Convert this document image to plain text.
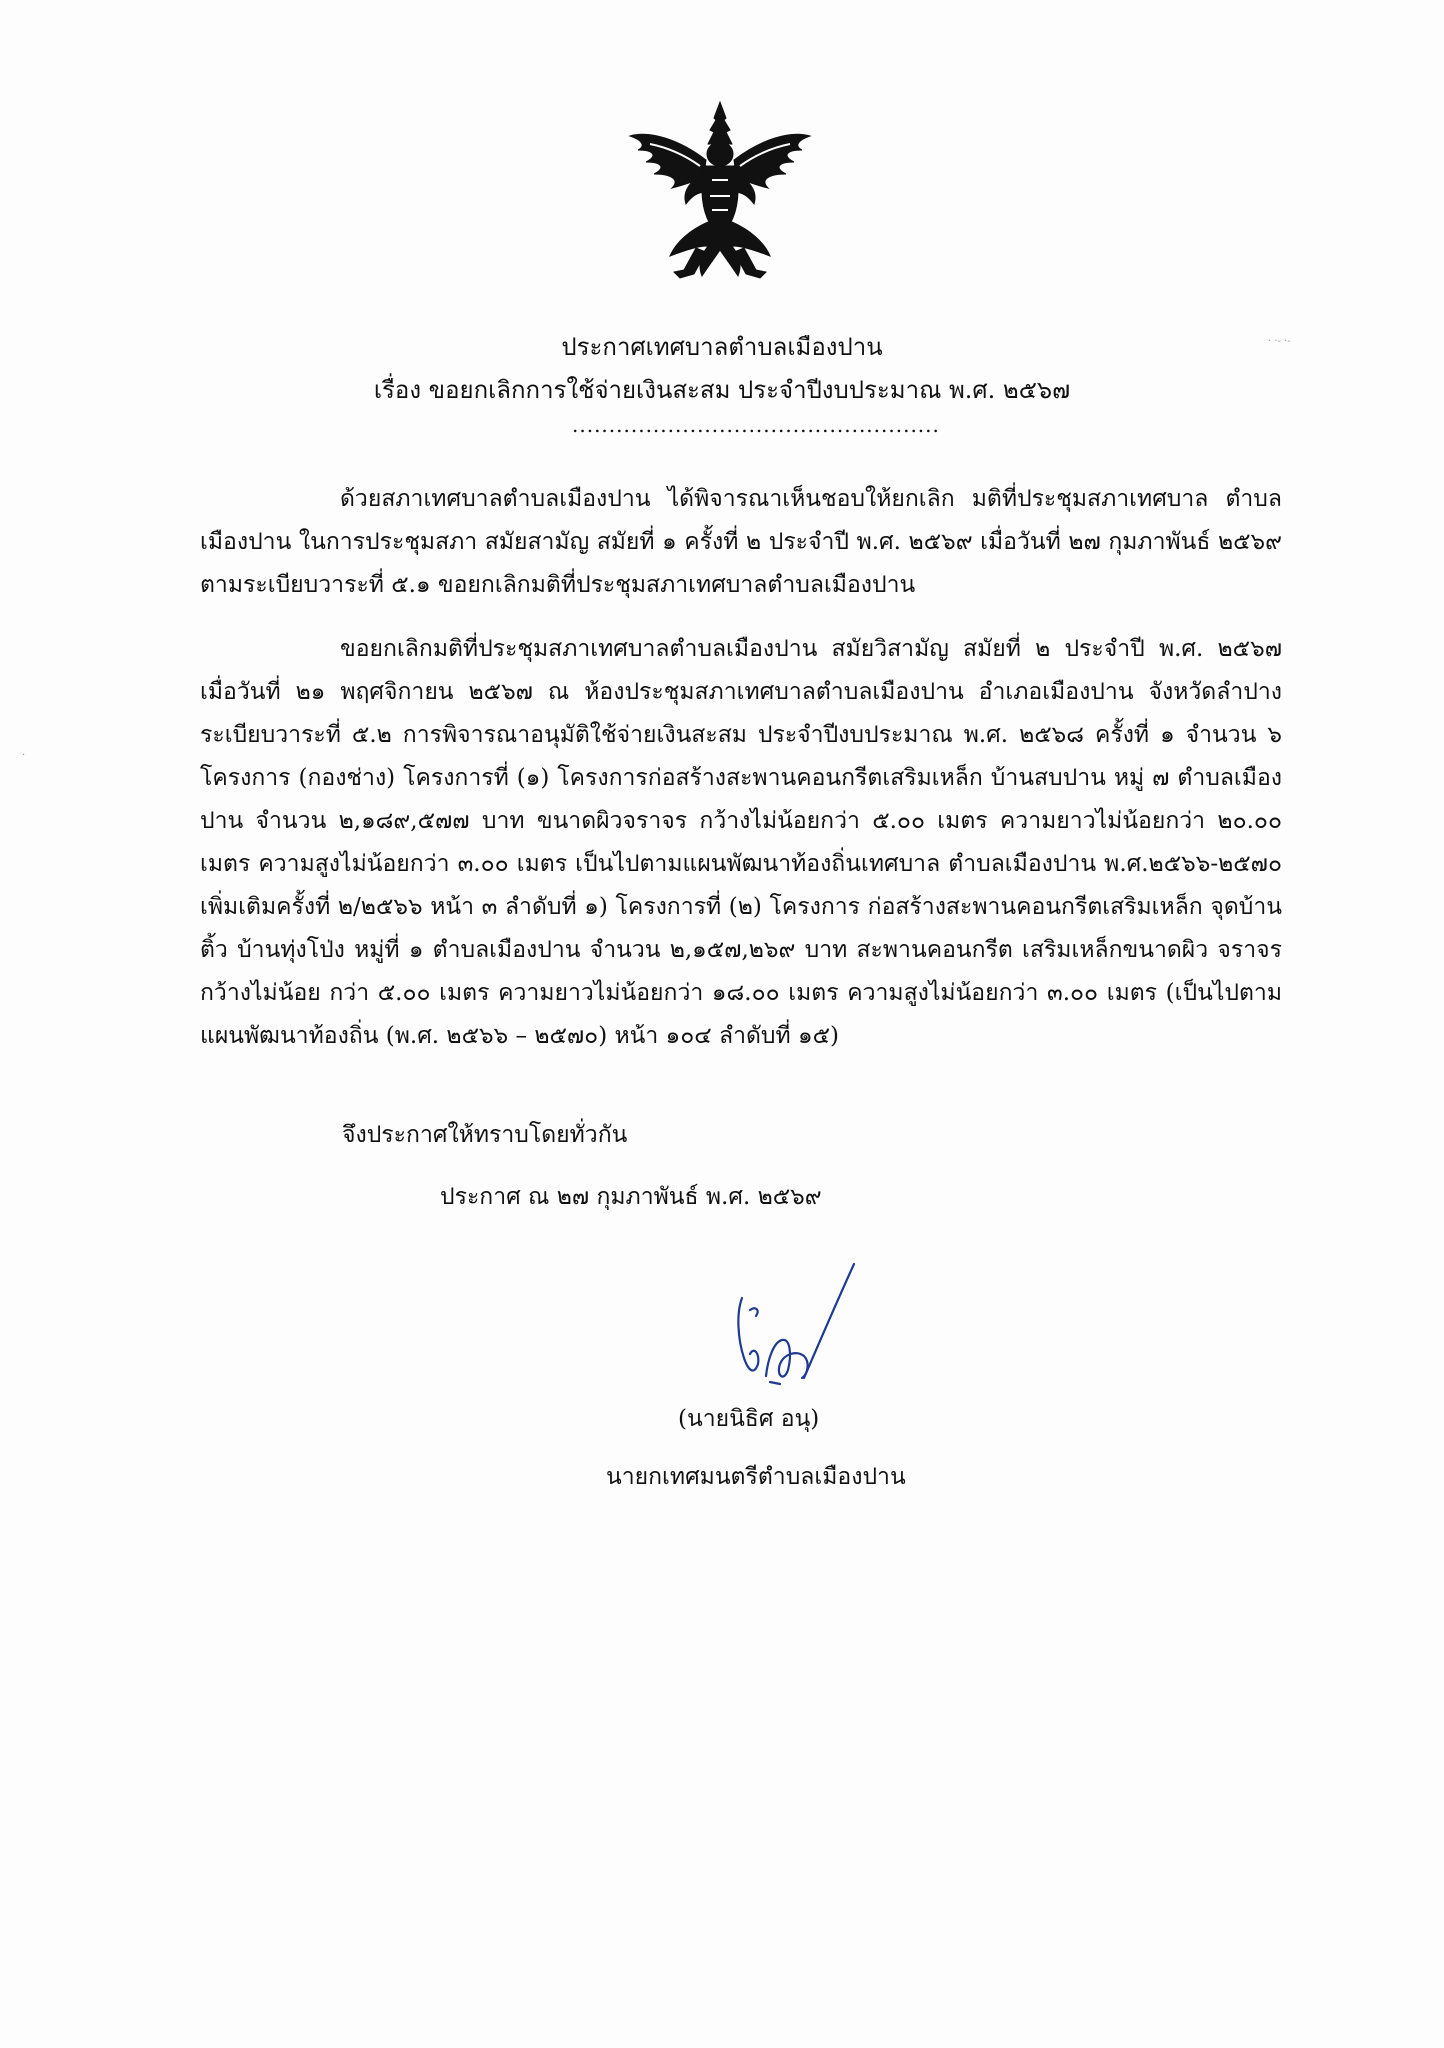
ประกาศเทศบาลตำบลเมืองปาน
เรื่อง ขอยกเลิกการใช้จ่ายเงินสะสม ประจำปีงบประมาณ พ.ศ. ๒๕๖๗
..................................................

ด้วยสภาเทศบาลตำบลเมืองปาน ได้พิจารณาเห็นชอบให้ยกเลิก มติที่ประชุมสภาเทศบาล ตำบลเมืองปาน ในการประชุมสภา สมัยสามัญ สมัยที่ ๑ ครั้งที่ ๒ ประจำปี พ.ศ. ๒๕๖๙ เมื่อวันที่ ๒๗ กุมภาพันธ์ ๒๕๖๙ ตามระเบียบวาระที่ ๕.๑ ขอยกเลิกมติที่ประชุมสภาเทศบาลตำบลเมืองปาน

ขอยกเลิกมติที่ประชุมสภาเทศบาลตำบลเมืองปาน สมัยวิสามัญ สมัยที่ ๒ ประจำปี พ.ศ. ๒๕๖๗ เมื่อวันที่ ๒๑ พฤศจิกายน ๒๕๖๗ ณ ห้องประชุมสภาเทศบาลตำบลเมืองปาน อำเภอเมืองปาน จังหวัดลำปาง ระเบียบวาระที่ ๕.๒ การพิจารณาอนุมัติใช้จ่ายเงินสะสม ประจำปีงบประมาณ พ.ศ. ๒๕๖๘ ครั้งที่ ๑ จำนวน ๖ โครงการ (กองช่าง) โครงการที่ (๑) โครงการก่อสร้างสะพานคอนกรีตเสริมเหล็ก บ้านสบปาน หมู่ ๗ ตำบลเมืองปาน จำนวน ๒,๑๘๙,๕๗๗ บาท ขนาดผิวจราจร กว้างไม่น้อยกว่า ๕.๐๐ เมตร ความยาวไม่น้อยกว่า ๒๐.๐๐ เมตร ความสูงไม่น้อยกว่า ๓.๐๐ เมตร เป็นไปตามแผนพัฒนาท้องถิ่นเทศบาล ตำบลเมืองปาน พ.ศ.๒๕๖๖-๒๕๗๐ เพิ่มเติมครั้งที่ ๒/๒๕๖๖ หน้า ๓ ลำดับที่ ๑) โครงการที่ (๒) โครงการ ก่อสร้างสะพานคอนกรีตเสริมเหล็ก จุดบ้านติ้ว บ้านทุ่งโป่ง หมู่ที่ ๑ ตำบลเมืองปาน จำนวน ๒,๑๕๗,๒๖๙ บาท สะพานคอนกรีต เสริมเหล็กขนาดผิว จราจรกว้างไม่น้อย กว่า ๕.๐๐ เมตร ความยาวไม่น้อยกว่า ๑๘.๐๐ เมตร ความสูงไม่น้อยกว่า ๓.๐๐ เมตร (เป็นไปตามแผนพัฒนาท้องถิ่น (พ.ศ. ๒๕๖๖ – ๒๕๗๐) หน้า ๑๐๔ ลำดับที่ ๑๕)

จึงประกาศให้ทราบโดยทั่วกัน
ประกาศ ณ ๒๗ กุมภาพันธ์ พ.ศ. ๒๕๖๙
(นายนิธิศ อนุ)
นายกเทศมนตรีตำบลเมืองปาน
· ·‑ ·‑
·
